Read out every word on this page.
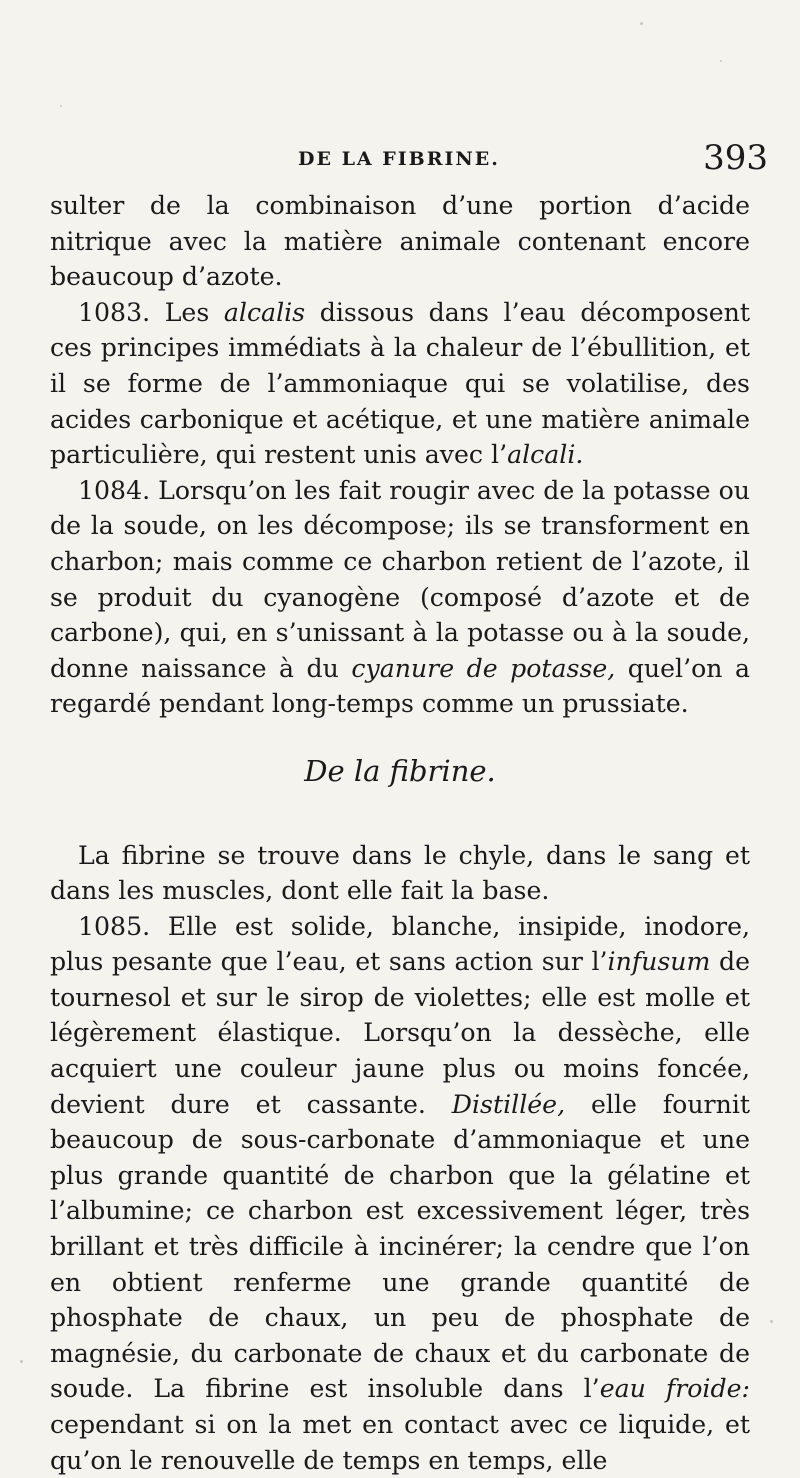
DE LA FIBRINE.	393

sulter de la combinaison d’une portion d’acide nitrique avec la matière animale contenant encore beaucoup d’azote.

1083. Les alcalis dissous dans l’eau décomposent ces principes immédiats à la chaleur de l’ébullition, et il se forme de l’ammoniaque qui se volatilise, des acides carbonique et acétique, et une matière animale particulière, qui restent unis avec l’alcali.

1084. Lorsqu’on les fait rougir avec de la potasse ou de la soude, on les décompose; ils se transforment en charbon; mais comme ce charbon retient de l’azote, il se produit du cyanogène (composé d’azote et de carbone), qui, en s’unissant à la potasse ou à la soude, donne naissance à du cyanure de potasse, quel’on a regardé pendant long-temps comme un prussiate.

De la fibrine.

La fibrine se trouve dans le chyle, dans le sang et dans les muscles, dont elle fait la base.

1085. Elle est solide, blanche, insipide, inodore, plus pesante que l’eau, et sans action sur l’infusum de tournesol et sur le sirop de violettes; elle est molle et légèrement élastique. Lorsqu’on la dessèche, elle acquiert une couleur jaune plus ou moins foncée, devient dure et cassante. Distillée, elle fournit beaucoup de sous-carbonate d’ammoniaque et une plus grande quantité de charbon que la gélatine et l’albumine; ce charbon est excessivement léger, très brillant et très difficile à incinérer; la cendre que l’on en obtient renferme une grande quantité de phosphate de chaux, un peu de phosphate de magnésie, du carbonate de chaux et du carbonate de soude. La fibrine est insoluble dans l’eau froide: cependant si on la met en contact avec ce liquide, et qu’on le renouvelle de temps en temps, elle
